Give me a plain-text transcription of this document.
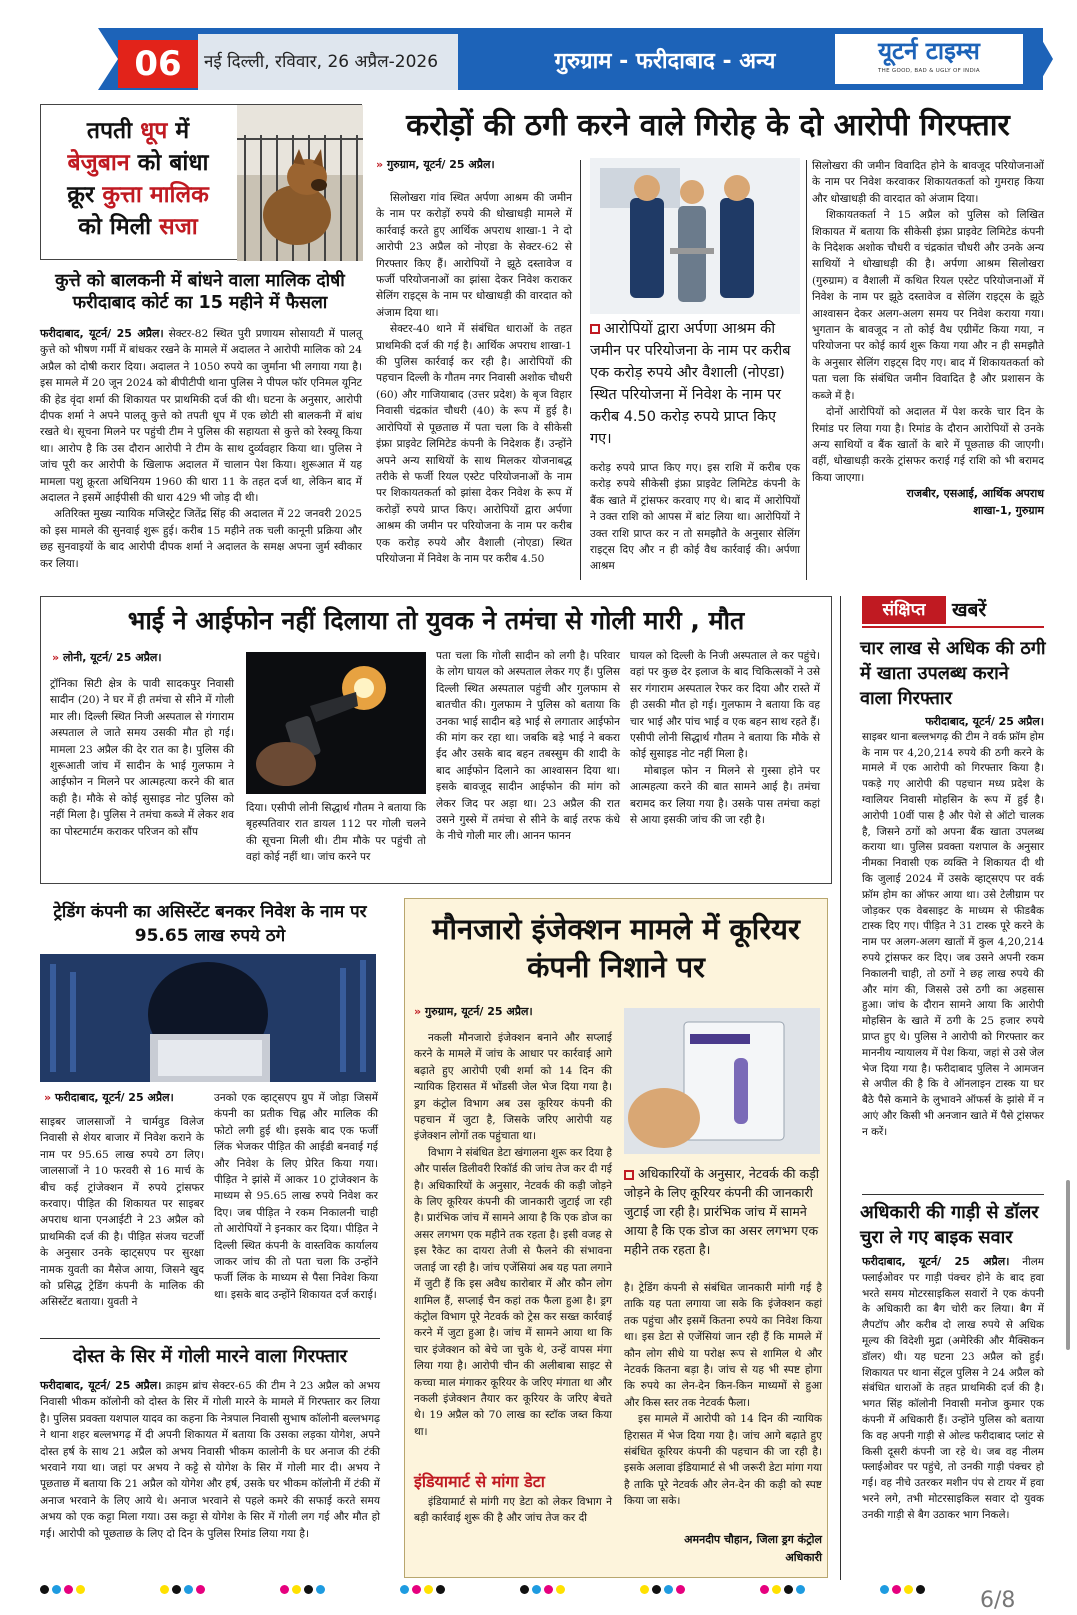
06	नई दिल्ली, रविवार, 26 अप्रैल-2026	गुरुग्राम - फरीदाबाद - अन्य	यूटर्न टाइम्स
THE GOOD, BAD & UGLY OF INDIA
तपती धूप में
बेजुबान को बांधा
क्रूर कुत्ता मालिक
को मिली सजा
कुत्ते को बालकनी में बांधने वाला मालिक दोषी फरीदाबाद कोर्ट का 15 महीने में फैसला
फरीदाबाद, यूटर्न/ 25 अप्रैल। सेक्टर-82 स्थित पुरी प्रणायम सोसायटी में पालतू कुत्ते को भीषण गर्मी में बांधकर रखने के मामले में अदालत ने आरोपी मालिक को 24 अप्रैल को दोषी करार दिया। अदालत ने 1050 रुपये का जुर्माना भी लगाया गया है। इस मामले में 20 जून 2024 को बीपीटीपी थाना पुलिस ने पीपल फॉर एनिमल यूनिट की हेड वृंदा शर्मा की शिकायत पर प्राथमिकी दर्ज की थी। घटना के अनुसार, आरोपी दीपक शर्मा ने अपने पालतू कुत्ते को तपती धूप में एक छोटी सी बालकनी में बांध रखते थे। सूचना मिलने पर पहुंची टीम ने पुलिस की सहायता से कुत्ते को रेस्क्यू किया था। आरोप है कि उस दौरान आरोपी ने टीम के साथ दुर्व्यवहार किया था। पुलिस ने जांच पूरी कर आरोपी के खिलाफ अदालत में चालान पेश किया। शुरूआत में यह मामला पशु क्रूरता अधिनियम 1960 की धारा 11 के तहत दर्ज था, लेकिन बाद में अदालत ने इसमें आईपीसी की धारा 429 भी जोड़ दी थी।
अतिरिक्त मुख्य न्यायिक मजिस्ट्रेट जितेंद्र सिंह की अदालत में 22 जनवरी 2025 को इस मामले की सुनवाई शुरू हुई। करीब 15 महीने तक चली कानूनी प्रक्रिया और छह सुनवाइयों के बाद आरोपी दीपक शर्मा ने अदालत के समक्ष अपना जुर्म स्वीकार कर लिया।
करोड़ों की ठगी करने वाले गिरोह के दो आरोपी गिरफ्तार
» गुरुग्राम, यूटर्न/ 25 अप्रैल।
सिलोखरा गांव स्थित अर्पणा आश्रम की जमीन के नाम पर करोड़ों रुपये की धोखाधड़ी मामले में कार्रवाई करते हुए आर्थिक अपराध शाखा-1 ने दो आरोपी 23 अप्रैल को नोएडा के सेक्टर-62 से गिरफ्तार किए हैं। आरोपियों ने झूठे दस्तावेज व फर्जी परियोजनाओं का झांसा देकर निवेश कराकर सेलिंग राइट्स के नाम पर धोखाधड़ी की वारदात को अंजाम दिया था।
सेक्टर-40 थाने में संबंधित धाराओं के तहत प्राथमिकी दर्ज की गई है। आर्थिक अपराध शाखा-1 की पुलिस कार्रवाई कर रही है। आरोपियों की पहचान दिल्ली के गौतम नगर निवासी अशोक चौधरी (60) और गाजियाबाद (उत्तर प्रदेश) के बृज विहार निवासी चंद्रकांत चौधरी (40) के रूप में हुई है। आरोपियों से पूछताछ में पता चला कि वे सीकेसी इंफ्रा प्राइवेट लिमिटेड कंपनी के निदेशक हैं। उन्होंने अपने अन्य साथियों के साथ मिलकर योजनाबद्ध तरीके से फर्जी रियल एस्टेट परियोजनाओं के नाम पर शिकायतकर्ता को झांसा देकर निवेश के रूप में करोड़ों रुपये प्राप्त किए। आरोपियों द्वारा अर्पणा आश्रम की जमीन पर परियोजना के नाम पर करीब एक करोड़ रुपये और वैशाली (नोएडा) स्थित परियोजना में निवेश के नाम पर करीब 4.50
आरोपियों द्वारा अर्पणा आश्रम की जमीन पर परियोजना के नाम पर करीब एक करोड़ रुपये और वैशाली (नोएडा) स्थित परियोजना में निवेश के नाम पर करीब 4.50 करोड़ रुपये प्राप्त किए गए।
करोड़ रुपये प्राप्त किए गए। इस राशि में करीब एक करोड़ रुपये सीकेसी इंफ्रा प्राइवेट लिमिटेड कंपनी के बैंक खाते में ट्रांसफर करवाए गए थे। बाद में आरोपियों ने उक्त राशि को आपस में बांट लिया था। आरोपियों ने उक्त राशि प्राप्त कर न तो समझौते के अनुसार सेलिंग राइट्स दिए और न ही कोई वैध कार्रवाई की। अर्पणा आश्रम
सिलोखरा की जमीन विवादित होने के बावजूद परियोजनाओं के नाम पर निवेश करवाकर शिकायतकर्ता को गुमराह किया और धोखाधड़ी की वारदात को अंजाम दिया।
शिकायतकर्ता ने 15 अप्रैल को पुलिस को लिखित शिकायत में बताया कि सीकेसी इंफ्रा प्राइवेट लिमिटेड कंपनी के निदेशक अशोक चौधरी व चंद्रकांत चौधरी और उनके अन्य साथियों ने धोखाधड़ी की है। अर्पणा आश्रम सिलोखरा (गुरुग्राम) व वैशाली में कथित रियल एस्टेट परियोजनाओं में निवेश के नाम पर झूठे दस्तावेज व सेलिंग राइट्स के झूठे आश्वासन देकर अलग-अलग समय पर निवेश कराया गया। भुगतान के बावजूद न तो कोई वैध एग्रीमेंट किया गया, न परियोजना पर कोई कार्य शुरू किया गया और न ही समझौते के अनुसार सेलिंग राइट्स दिए गए। बाद में शिकायतकर्ता को पता चला कि संबंधित जमीन विवादित है और प्रशासन के कब्जे में है।
दोनों आरोपियों को अदालत में पेश करके चार दिन के रिमांड पर लिया गया है। रिमांड के दौरान आरोपियों से उनके अन्य साथियों व बैंक खातों के बारे में पूछताछ की जाएगी। वहीं, धोखाधड़ी करके ट्रांसफर कराई गई राशि को भी बरामद किया जाएगा।
राजबीर, एसआई, आर्थिक अपराध
शाखा-1, गुरुग्राम
भाई ने आईफोन नहीं दिलाया तो युवक ने तमंचा से गोली मारी , मौत
» लोनी, यूटर्न/ 25 अप्रैल।
ट्रॉनिका सिटी क्षेत्र के पावी सादकपुर निवासी सादीन (20) ने घर में ही तमंचा से सीने में गोली मार ली। दिल्ली स्थित निजी अस्पताल से गंगाराम अस्पताल ले जाते समय उसकी मौत हो गई। मामला 23 अप्रैल की देर रात का है। पुलिस की शुरूआती जांच में सादीन के भाई गुलफाम ने आईफोन न मिलने पर आत्महत्या करने की बात कही है। मौके से कोई सुसाइड नोट पुलिस को नहीं मिला है। पुलिस ने तमंचा कब्जे में लेकर शव का पोस्टमार्टम कराकर परिजन को सौंप
दिया। एसीपी लोनी सिद्धार्थ गौतम ने बताया कि बृहस्पतिवार रात डायल 112 पर गोली चलने की सूचना मिली थी। टीम मौके पर पहुंची तो वहां कोई नहीं था। जांच करने पर
पता चला कि गोली सादीन को लगी है। परिवार के लोग घायल को अस्पताल लेकर गए हैं। पुलिस दिल्ली स्थित अस्पताल पहुंची और गुलफाम से बातचीत की। गुलफाम ने पुलिस को बताया कि उनका भाई सादीन बड़े भाई से लगातार आईफोन की मांग कर रहा था। जबकि बड़े भाई ने बकरा ईद और उसके बाद बहन तबस्सुम की शादी के बाद आईफोन दिलाने का आश्वासन दिया था। इसके बावजूद सादीन आईफोन की मांग को लेकर जिद पर अड़ा था। 23 अप्रैल की रात उसने गुस्से में तमंचा से सीने के बाई तरफ कंधे के नीचे गोली मार ली। आनन फानन
घायल को दिल्ली के निजी अस्पताल ले कर पहुंचे। वहां पर कुछ देर इलाज के बाद चिकित्सकों ने उसे सर गंगाराम अस्पताल रेफर कर दिया और रास्ते में ही उसकी मौत हो गई। गुलफाम ने बताया कि वह चार भाई और पांच भाई व एक बहन साथ रहते हैं। एसीपी लोनी सिद्धार्थ गौतम ने बताया कि मौके से कोई सुसाइड नोट नहीं मिला है।
मोबाइल फोन न मिलने से गुस्सा होने पर आत्महत्या करने की बात सामने आई है। तमंचा बरामद कर लिया गया है। उसके पास तमंचा कहां से आया इसकी जांच की जा रही है।
ट्रेडिंग कंपनी का असिस्टेंट बनकर निवेश के नाम पर 95.65 लाख रुपये ठगे
» फरीदाबाद, यूटर्न/ 25 अप्रैल।
साइबर जालसाजों ने चार्मवुड विलेज निवासी से शेयर बाजार में निवेश कराने के नाम पर 95.65 लाख रुपये ठग लिए। जालसाजों ने 10 फरवरी से 16 मार्च के बीच कई ट्रांजेक्शन में रुपये ट्रांसफर करवाए। पीड़ित की शिकायत पर साइबर अपराध थाना एनआईटी ने 23 अप्रैल को प्राथमिकी दर्ज की है। पीड़ित संजय चटर्जी के अनुसार उनके व्हाट्सएप पर सुरक्षा नामक युवती का मैसेज आया, जिसने खुद को प्रसिद्ध ट्रेडिंग कंपनी के मालिक की असिस्टेंट बताया। युवती ने
उनको एक व्हाट्सएप ग्रुप में जोड़ा जिसमें कंपनी का प्रतीक चिह्न और मालिक की फोटो लगी हुई थी। इसके बाद एक फर्जी लिंक भेजकर पीड़ित की आईडी बनवाई गई और निवेश के लिए प्रेरित किया गया। पीड़ित ने झांसे में आकर 10 ट्रांजेक्शन के माध्यम से 95.65 लाख रुपये निवेश कर दिए। जब पीड़ित ने रकम निकालनी चाही तो आरोपियों ने इनकार कर दिया। पीड़ित ने दिल्ली स्थित कंपनी के वास्तविक कार्यालय जाकर जांच की तो पता चला कि उन्होंने फर्जी लिंक के माध्यम से पैसा निवेश किया था। इसके बाद उन्होंने शिकायत दर्ज कराई।
दोस्त के सिर में गोली मारने वाला गिरफ्तार
फरीदाबाद, यूटर्न/ 25 अप्रैल। क्राइम ब्रांच सेक्टर-65 की टीम ने 23 अप्रैल को अभय निवासी भीकम कॉलोनी को दोस्त के सिर में गोली मारने के मामले में गिरफ्तार कर लिया है। पुलिस प्रवक्ता यशपाल यादव का कहना कि नेत्रपाल निवासी सुभाष कॉलोनी बल्लभगढ़ ने थाना शहर बल्लभगढ़ में दी अपनी शिकायत में बताया कि उसका लड़का योगेश, अपने दोस्त हर्ष के साथ 21 अप्रैल को अभय निवासी भीकम कालोनी के घर अनाज की टंकी भरवाने गया था। जहां पर अभय ने कट्टे से योगेश के सिर में गोली मार दी। अभय ने पूछताछ में बताया कि 21 अप्रैल को योगेश और हर्ष, उसके घर भीकम कॉलोनी में टंकी में अनाज भरवाने के लिए आये थे। अनाज भरवाने से पहले कमरे की सफाई करते समय अभय को एक कट्टा मिला गया। उस कट्टा से योगेश के सिर में गोली लग गई और मौत हो गई। आरोपी को पूछताछ के लिए दो दिन के पुलिस रिमांड लिया गया है।
मौनजारो इंजेक्शन मामले में कूरियर कंपनी निशाने पर
» गुरुग्राम, यूटर्न/ 25 अप्रैल।
नकली मौनजारो इंजेक्शन बनाने और सप्लाई करने के मामले में जांच के आधार पर कार्रवाई आगे बढ़ाते हुए आरोपी एबी शर्मा को 14 दिन की न्यायिक हिरासत में भोंडसी जेल भेज दिया गया है। ड्रग कंट्रोल विभाग अब उस कूरियर कंपनी की पहचान में जुटा है, जिसके जरिए आरोपी यह इंजेक्शन लोगों तक पहुंचाता था।
विभाग ने संबंधित डेटा खंगालना शुरू कर दिया है और पार्सल डिलीवरी रिकॉर्ड की जांच तेज कर दी गई है। अधिकारियों के अनुसार, नेटवर्क की कड़ी जोड़ने के लिए कूरियर कंपनी की जानकारी जुटाई जा रही है। प्रारंभिक जांच में सामने आया है कि एक डोज का असर लगभग एक महीने तक रहता है। इसी वजह से इस रैकेट का दायरा तेजी से फैलने की संभावना जताई जा रही है। जांच एजेंसियां अब यह पता लगाने में जुटी हैं कि इस अवैध कारोबार में और कौन लोग शामिल हैं, सप्लाई चैन कहां तक फैला हुआ है। ड्रग कंट्रोल विभाग पूरे नेटवर्क को ट्रेस कर सख्त कार्रवाई करने में जुटा हुआ है। जांच में सामने आया था कि चार इंजेक्शन को बेचे जा चुके थे, उन्हें वापस मंगा लिया गया है। आरोपी चीन की अलीबाबा साइट से कच्चा माल मंगाकर कूरियर के जरिए मंगाता था और नकली इंजेक्शन तैयार कर कूरियर के जरिए बेचते थे। 19 अप्रैल को 70 लाख का स्टॉक जब्त किया था।
इंडियामार्ट से मांगा डेटा
इंडियामार्ट से मांगी गए डेटा को लेकर विभाग ने बड़ी कार्रवाई शुरू की है और जांच तेज कर दी
अधिकारियों के अनुसार, नेटवर्क की कड़ी जोड़ने के लिए कूरियर कंपनी की जानकारी जुटाई जा रही है। प्रारंभिक जांच में सामने आया है कि एक डोज का असर लगभग एक महीने तक रहता है।
है। ट्रेडिंग कंपनी से संबंधित जानकारी मांगी गई है ताकि यह पता लगाया जा सके कि इंजेक्शन कहां तक पहुंचा और इसमें कितना रुपये का निवेश किया था। इस डेटा से एजेंसियां जान रही हैं कि मामले में कौन लोग सीधे या परोक्ष रूप से शामिल थे और नेटवर्क कितना बड़ा है। जांच से यह भी स्पष्ट होगा कि रुपये का लेन-देन किन-किन माध्यमों से हुआ और किस स्तर तक नेटवर्क फैला।
इस मामले में आरोपी को 14 दिन की न्यायिक हिरासत में भेज दिया गया है। जांच आगे बढ़ाते हुए संबंधित कूरियर कंपनी की पहचान की जा रही है। इसके अलावा इंडियामार्ट से भी जरूरी डेटा मांगा गया है ताकि पूरे नेटवर्क और लेन-देन की कड़ी को स्पष्ट किया जा सके।
अमनदीप चौहान, जिला ड्रग कंट्रोल
अधिकारी
संक्षिप्त	खबरें
चार लाख से अधिक की ठगी में खाता उपलब्ध कराने वाला गिरफ्तार
फरीदाबाद, यूटर्न/ 25 अप्रैल।
साइबर थाना बल्लभगढ़ की टीम ने वर्क फ्रॉम होम के नाम पर 4,20,214 रुपये की ठगी करने के मामले में एक आरोपी को गिरफ्तार किया है। पकड़े गए आरोपी की पहचान मध्य प्रदेश के ग्वालियर निवासी मोहसिन के रूप में हुई है। आरोपी 10वीं पास है और पेशे से ऑटो चालक है, जिसने ठगों को अपना बैंक खाता उपलब्ध कराया था। पुलिस प्रवक्ता यशपाल के अनुसार नीमका निवासी एक व्यक्ति ने शिकायत दी थी कि जुलाई 2024 में उसके व्हाट्सएप पर वर्क फ्रॉम होम का ऑफर आया था। उसे टेलीग्राम पर जोड़कर एक वेबसाइट के माध्यम से फीडबैक टास्क दिए गए। पीड़ित ने 31 टास्क पूरे करने के नाम पर अलग-अलग खातों में कुल 4,20,214 रुपये ट्रांसफर कर दिए। जब उसने अपनी रकम निकालनी चाही, तो ठगों ने छह लाख रुपये की और मांग की, जिससे उसे ठगी का अहसास हुआ। जांच के दौरान सामने आया कि आरोपी मोहसिन के खाते में ठगी के 25 हजार रुपये प्राप्त हुए थे। पुलिस ने आरोपी को गिरफ्तार कर माननीय न्यायालय में पेश किया, जहां से उसे जेल भेज दिया गया है। फरीदाबाद पुलिस ने आमजन से अपील की है कि वे ऑनलाइन टास्क या घर बैठे पैसे कमाने के लुभावने ऑफर्स के झांसे में न आएं और किसी भी अनजान खाते में पैसे ट्रांसफर न करें।
अधिकारी की गाड़ी से डॉलर चुरा ले गए बाइक सवार
फरीदाबाद, यूटर्न/ 25 अप्रैल। नीलम फ्लाईओवर पर गाड़ी पंक्चर होने के बाद हवा भरते समय मोटरसाइकिल सवारों ने एक कंपनी के अधिकारी का बैग चोरी कर लिया। बैग में लैपटॉप और करीब दो लाख रुपये से अधिक मूल्य की विदेशी मुद्रा (अमेरिकी और मैक्सिकन डॉलर) थी। यह घटना 23 अप्रैल को हुई। शिकायत पर थाना सेंट्रल पुलिस ने 24 अप्रैल को संबंधित धाराओं के तहत प्राथमिकी दर्ज की है। भगत सिंह कॉलोनी निवासी मनोज कुमार एक कंपनी में अधिकारी हैं। उन्होंने पुलिस को बताया कि वह अपनी गाड़ी से ओल्ड फरीदाबाद प्लांट से किसी दूसरी कंपनी जा रहे थे। जब वह नीलम फ्लाईओवर पर पहुंचे, तो उनकी गाड़ी पंक्चर हो गई। वह नीचे उतरकर मशीन पंप से टायर में हवा भरने लगे, तभी मोटरसाइकिल सवार दो युवक उनकी गाड़ी से बैग उठाकर भाग निकले।
6/8
